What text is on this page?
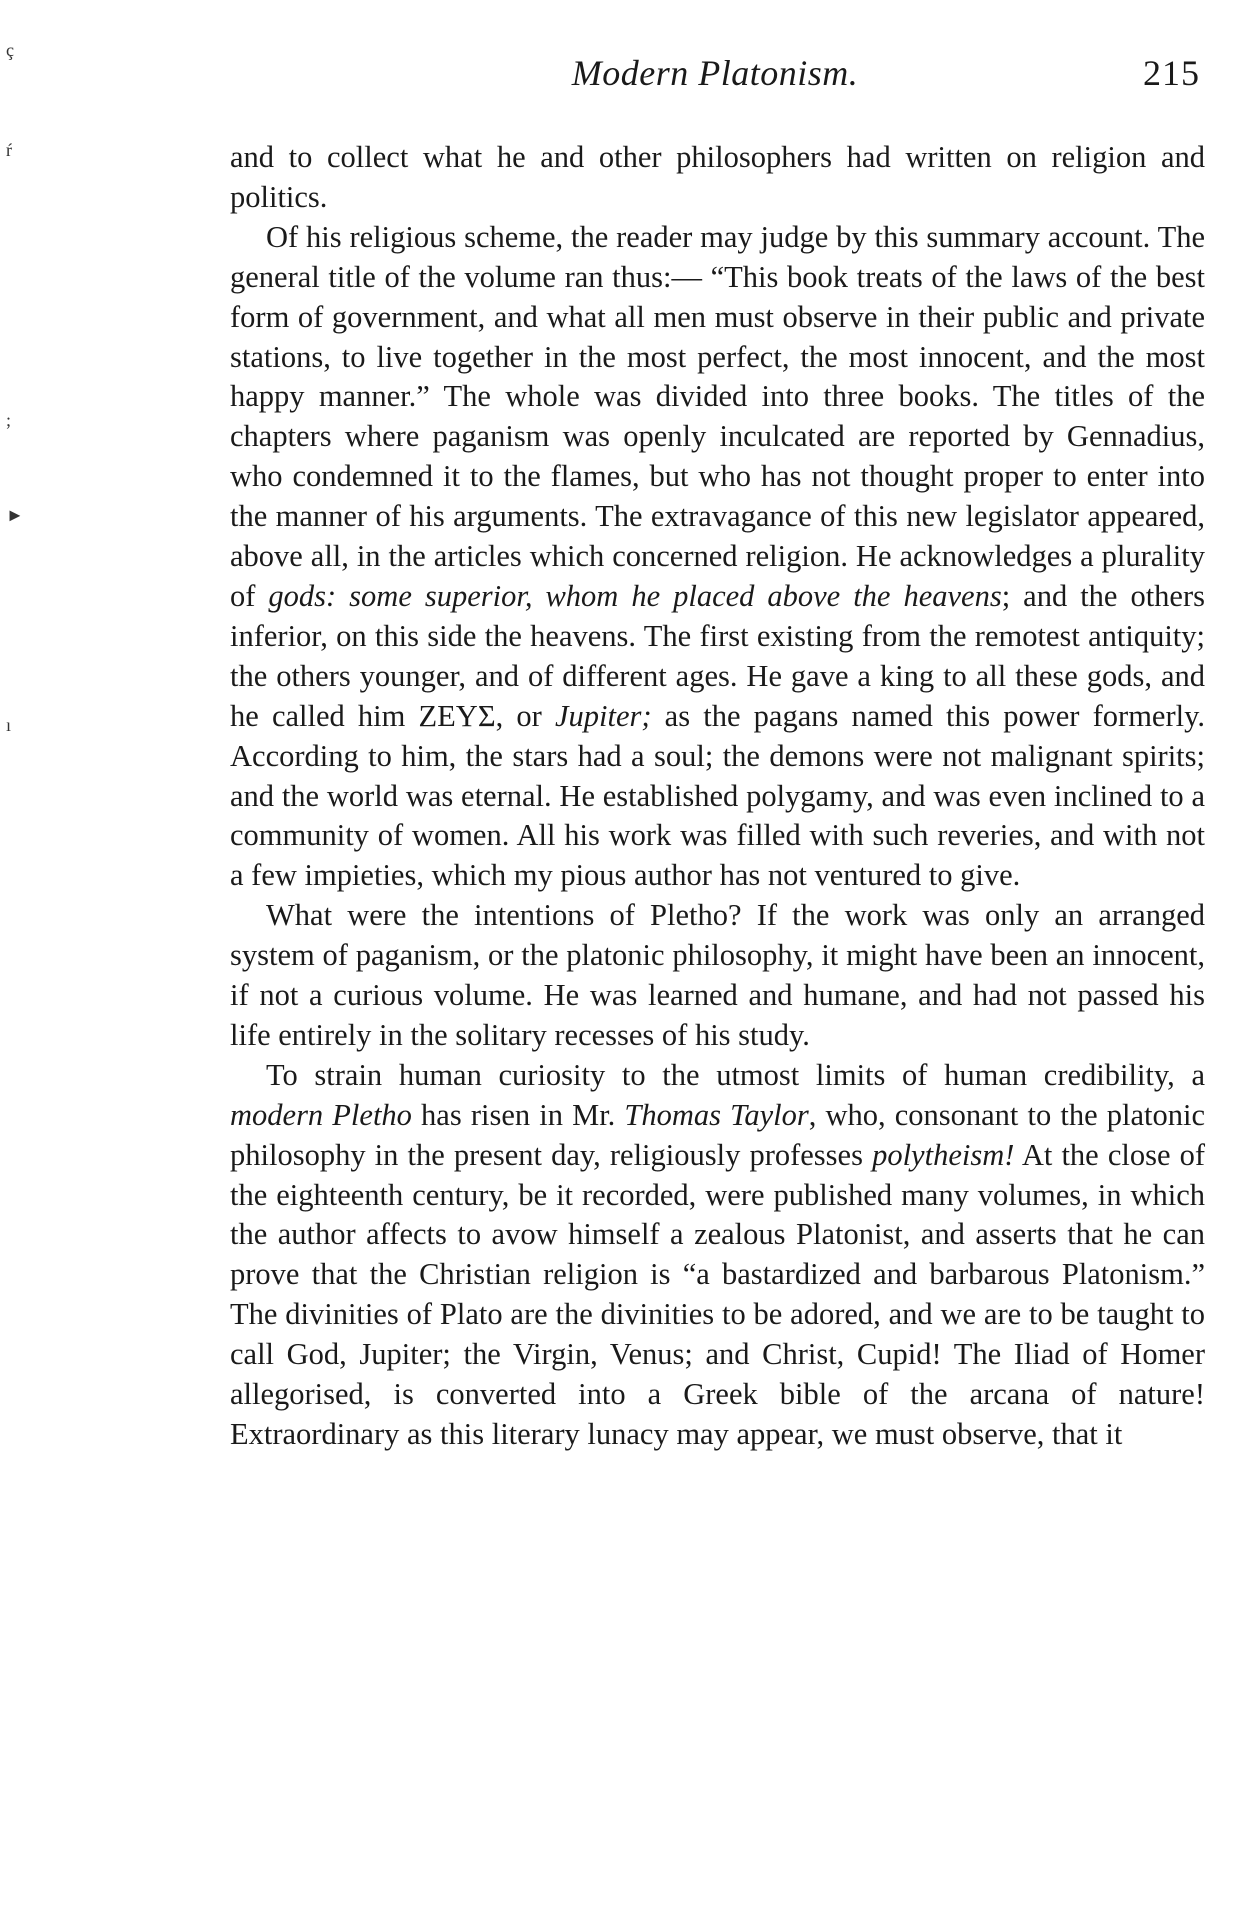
Modern Platonism.	215
ç
ŕ
;
►
ı

and to collect what he and other philosophers had written on religion and politics.

Of his religious scheme, the reader may judge by this summary account. The general title of the volume ran thus:— “This book treats of the laws of the best form of government, and what all men must observe in their public and private stations, to live together in the most perfect, the most innocent, and the most happy manner.” The whole was divided into three books. The titles of the chapters where paganism was openly inculcated are reported by Gennadius, who condemned it to the flames, but who has not thought proper to enter into the manner of his arguments. The extravagance of this new legislator appeared, above all, in the articles which concerned religion. He acknowledges a plurality of gods: some superior, whom he placed above the heavens; and the others inferior, on this side the heavens. The first existing from the remotest antiquity; the others younger, and of different ages. He gave a king to all these gods, and he called him ΖΕΥΣ, or Jupiter; as the pagans named this power formerly. According to him, the stars had a soul; the demons were not malignant spirits; and the world was eternal. He established polygamy, and was even inclined to a community of women. All his work was filled with such reveries, and with not a few impieties, which my pious author has not ventured to give.

What were the intentions of Pletho? If the work was only an arranged system of paganism, or the platonic philosophy, it might have been an innocent, if not a curious volume. He was learned and humane, and had not passed his life entirely in the solitary recesses of his study.

To strain human curiosity to the utmost limits of human credibility, a modern Pletho has risen in Mr. Thomas Taylor, who, consonant to the platonic philosophy in the present day, religiously professes polytheism! At the close of the eighteenth century, be it recorded, were published many volumes, in which the author affects to avow himself a zealous Platonist, and asserts that he can prove that the Christian religion is “a bastardized and barbarous Platonism.” The divinities of Plato are the divinities to be adored, and we are to be taught to call God, Jupiter; the Virgin, Venus; and Christ, Cupid! The Iliad of Homer allegorised, is converted into a Greek bible of the arcana of nature! Extraordinary as this literary lunacy may appear, we must observe, that it
